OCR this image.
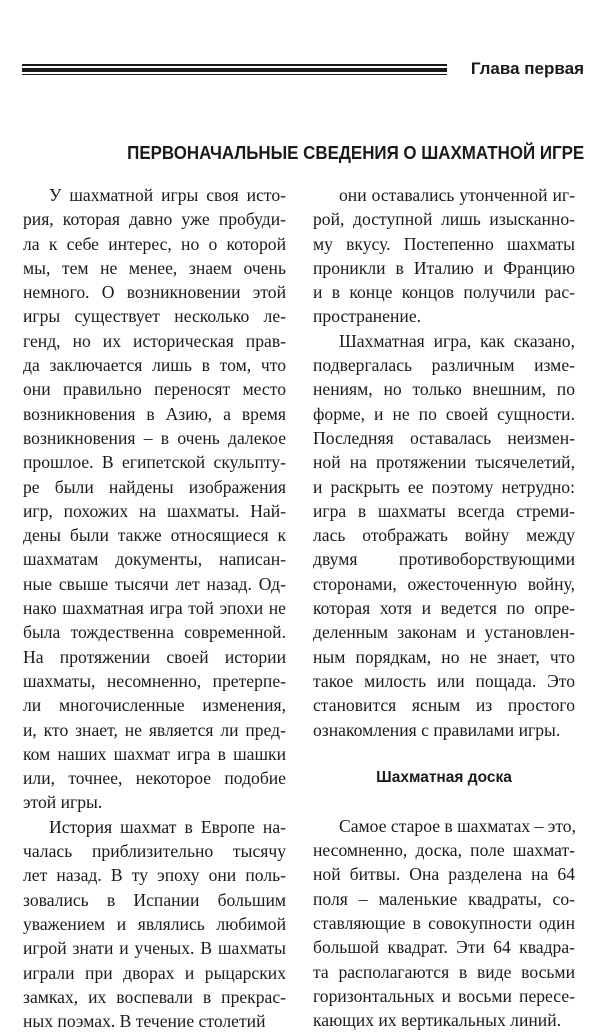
Глава первая
ПЕРВОНАЧАЛЬНЫЕ СВЕДЕНИЯ О ШАХМАТНОЙ ИГРЕ
У шахматной игры своя исто-
рия, которая давно уже пробуди-
ла к себе интерес, но о которой
мы, тем не менее, знаем очень
немного. О возникновении этой
игры существует несколько ле-
генд, но их историческая прав-
да заключается лишь в том, что
они правильно переносят место
возникновения в Азию, а время
возникновения – в очень далекое
прошлое. В египетской скульпту-
ре были найдены изображения
игр, похожих на шахматы. Най-
дены были также относящиеся к
шахматам документы, написан-
ные свыше тысячи лет назад. Од-
нако шахматная игра той эпохи не
была тождественна современной.
На протяжении своей истории
шахматы, несомненно, претерпе-
ли многочисленные изменения,
и, кто знает, не является ли пред-
ком наших шахмат игра в шашки
или, точнее, некоторое подобие
этой игры.
История шахмат в Европе на-
чалась приблизительно тысячу
лет назад. В ту эпоху они поль-
зовались в Испании большим
уважением и являлись любимой
игрой знати и ученых. В шахматы
играли при дворах и рыцарских
замках, их воспевали в прекрас-
ных поэмах. В течение столетий
они оставались утонченной иг-
рой, доступной лишь изысканно-
му вкусу. Постепенно шахматы
проникли в Италию и Францию
и в конце концов получили рас-
пространение.
Шахматная игра, как сказано,
подвергалась различным изме-
нениям, но только внешним, по
форме, и не по своей сущности.
Последняя оставалась неизмен-
ной на протяжении тысячелетий,
и раскрыть ее поэтому нетрудно:
игра в шахматы всегда стреми-
лась отображать войну между
двумя противоборствующими
сторонами, ожесточенную войну,
которая хотя и ведется по опре-
деленным законам и установлен-
ным порядкам, но не знает, что
такое милость или пощада. Это
становится ясным из простого
ознакомления с правилами игры.
Шахматная доска
Самое старое в шахматах – это,
несомненно, доска, поле шахмат-
ной битвы. Она разделена на 64
поля – маленькие квадраты, со-
ставляющие в совокупности один
большой квадрат. Эти 64 квадра-
та располагаются в виде восьми
горизонтальных и восьми пересе-
кающих их вертикальных линий.
